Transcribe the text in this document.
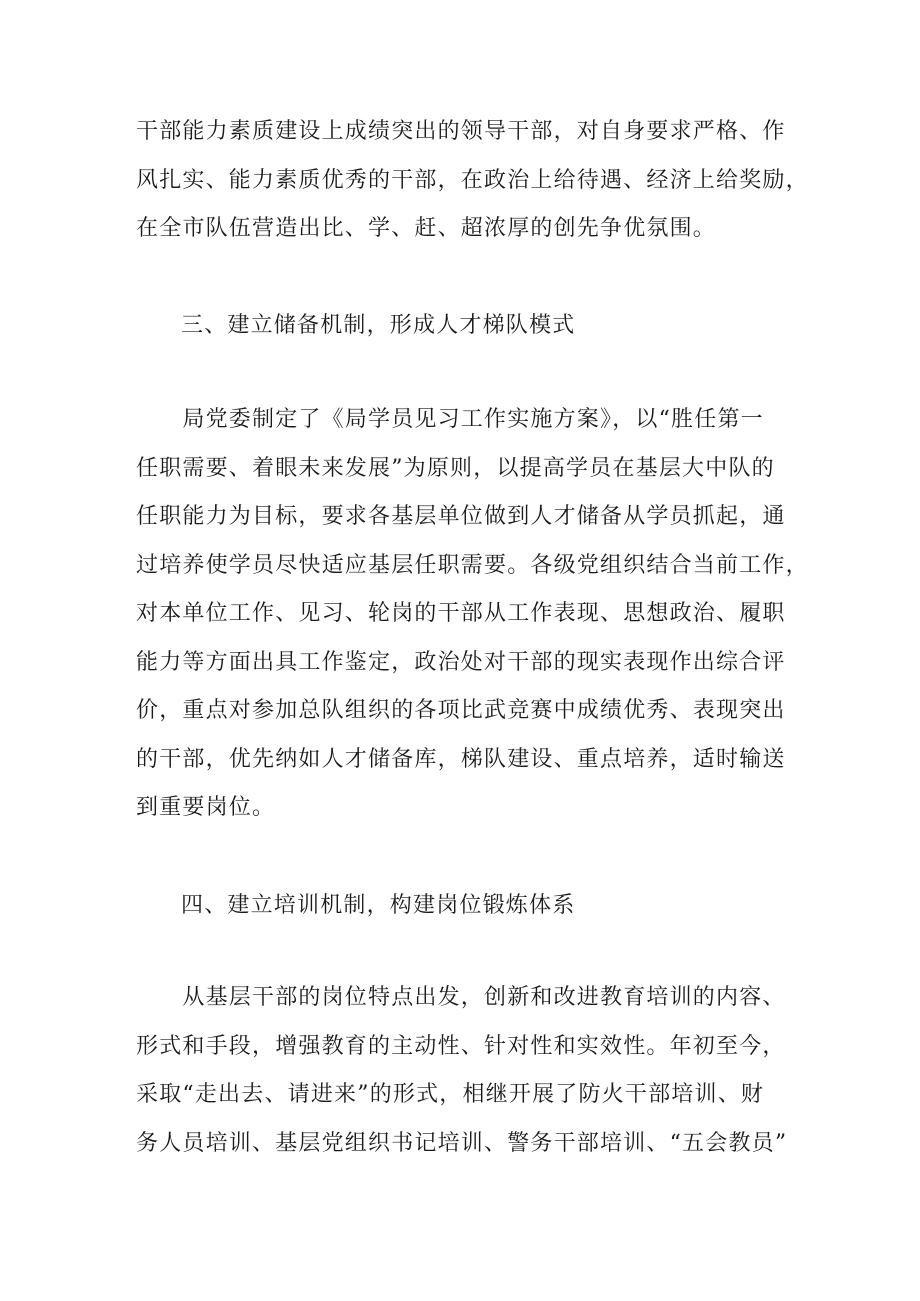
干部能力素质建设上成绩突出的领导干部，对自身要求严格、作
风扎实、能力素质优秀的干部，在政治上给待遇、经济上给奖励，
在全市队伍营造出比、学、赶、超浓厚的创先争优氛围。
三、建立储备机制，形成人才梯队模式
　　局党委制定了《局学员见习工作实施方案》，以“胜任第一
任职需要、着眼未来发展”为原则，以提高学员在基层大中队的
任职能力为目标，要求各基层单位做到人才储备从学员抓起，通
过培养使学员尽快适应基层任职需要。各级党组织结合当前工作，
对本单位工作、见习、轮岗的干部从工作表现、思想政治、履职
能力等方面出具工作鉴定，政治处对干部的现实表现作出综合评
价，重点对参加总队组织的各项比武竞赛中成绩优秀、表现突出
的干部，优先纳如人才储备库，梯队建设、重点培养，适时输送
到重要岗位。
四、建立培训机制，构建岗位锻炼体系
　　从基层干部的岗位特点出发，创新和改进教育培训的内容、
形式和手段，增强教育的主动性、针对性和实效性。年初至今，
采取“走出去、请进来”的形式，相继开展了防火干部培训、财
务人员培训、基层党组织书记培训、警务干部培训、“五会教员”
